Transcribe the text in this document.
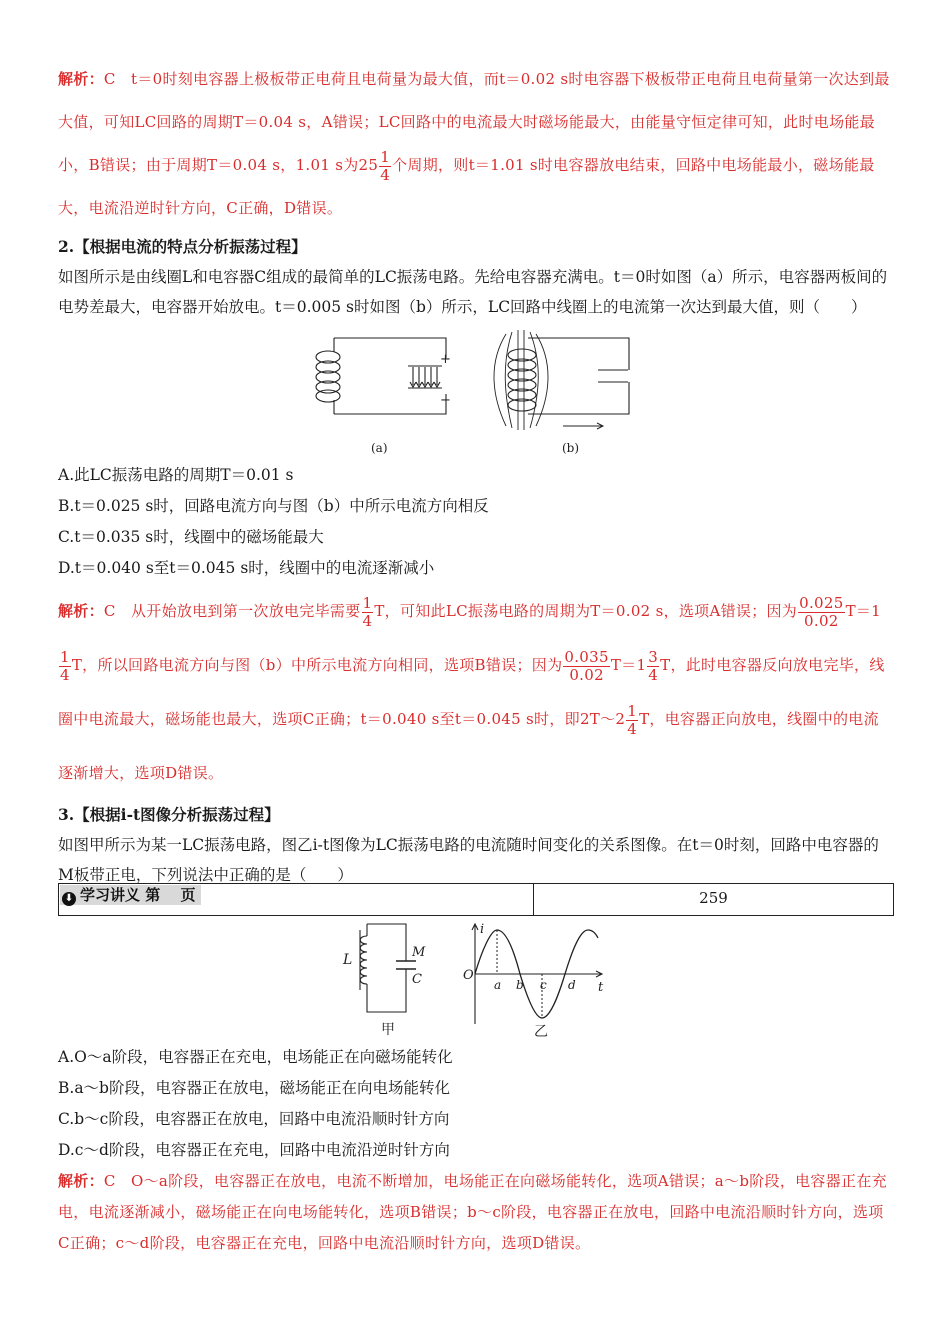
解析：C　 t＝0时刻电容器上极板带正电荷且电荷量为最大值，而t＝0.02 s时电容器下极板带正电荷且电荷量第一次达到最大值，可知LC回路的周期T＝0.04 s，A错误；LC回路中的电流最大时磁场能最大，由能量守恒定律可知，此时电场能最小，B错误；由于周期T＝0.04 s，1.01 s为$25 \frac{1}{4}$ 个周期，则t＝1.01 s时电容器放电结束，回路中电场能最小，磁场能最大，电流沿逆时针方向，C正确，D错误。

2.【根据电流的特点分析振荡过程】

如图所示是由线圈L和电容器C组成的最简单的LC振荡电路。先给电容器充满电。t＝0时如图（a）所示，电容器两板间的电势差最大，电容器开始放电。t＝0.005 s时如图（b）所示，LC回路中线圈上的电流第一次达到最大值，则（　　）

+
−
(a)	(b)

A.此LC振荡电路的周期T＝0.01 s

B.t＝0.025 s时，回路电流方向与图（b）中所示电流方向相反

C.t＝0.035 s时，线圈中的磁场能最大

D.t＝0.040 s至t＝0.045 s时，线圈中的电流逐渐减小

解析：C　 从开始放电到第一次放电完毕需要 $\frac{1}{4}$ T，可知此LC振荡电路的周期为T＝0.02 s，选项A错误；因为 $\frac{0.025}{0.02} T=1$
$\frac{1}{4}$ T，所以回路电流方向与图（b）中所示电流方向相同，选项B错误；因为 $\frac{0.035}{0.02} T=1 \frac{3}{4}$ T，此时电容器反向放电完毕，线圈中电流最大，磁场能也最大，选项C正确；t＝0.040 s至t＝0.045 s时，即2T～2 $\frac{1}{4}$ T，电容器正向放电，线圈中的电流逐渐增大，选项D错误。

3.【根据i-t图像分析振荡过程】

如图甲所示为某一LC振荡电路，图乙i-t图像为LC振荡电路的电流随时间变化的关系图像。在t＝0时刻，回路中电容器的M板带正电，下列说法中正确的是（　　）

⬇ 学习讲义 第　 页	259
L	M
C
甲
O
i
t
a b c d
乙

A.O～a阶段，电容器正在充电，电场能正在向磁场能转化

B.a～b阶段，电容器正在放电，磁场能正在向电场能转化

C.b～c阶段，电容器正在放电，回路中电流沿顺时针方向

D.c～d阶段，电容器正在充电，回路中电流沿逆时针方向

解析：C　 O～a阶段，电容器正在放电，电流不断增加，电场能正在向磁场能转化，选项A错误；a～b阶段，电容器正在充电，电流逐渐减小，磁场能正在向电场能转化，选项B错误；b～c阶段，电容器正在放电，回路中电流沿顺时针方向，选项C正确；c～d阶段，电容器正在充电，回路中电流沿顺时针方向，选项D错误。
